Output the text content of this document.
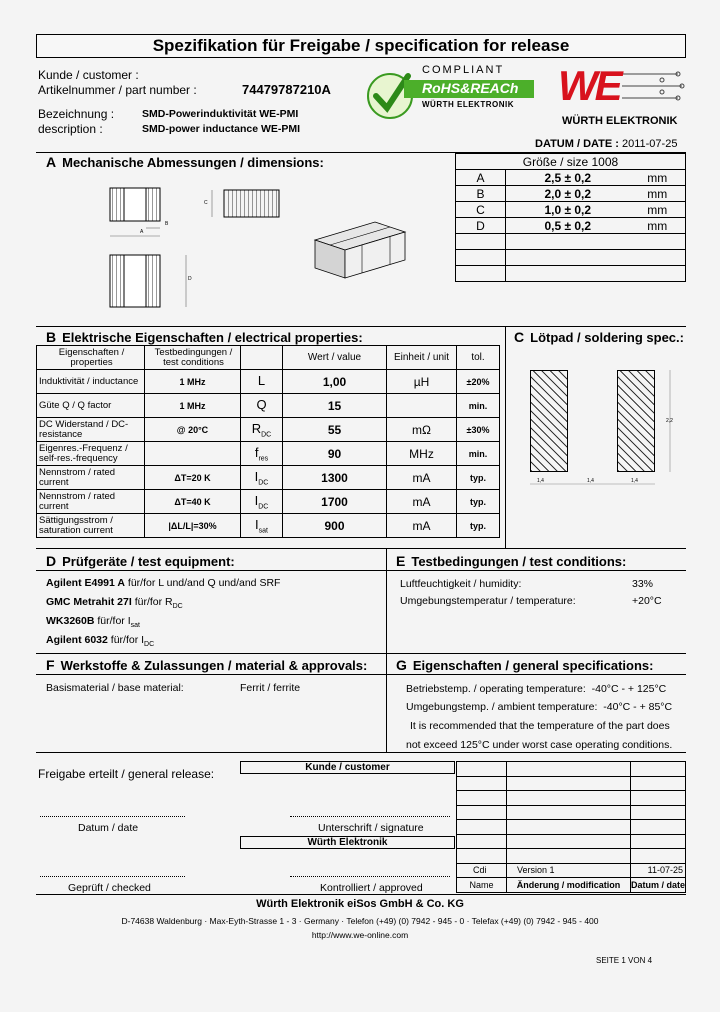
Spezifikation für Freigabe / specification for release
Kunde / customer :
Artikelnummer / part number :	74479787210A
Bezeichnung :
description :
SMD-Powerinduktivität WE-PMI
SMD-power inductance WE-PMI
COMPLIANT
RoHS&REACh
WÜRTH ELEKTRONIK WE
WÜRTH ELEKTRONIK
DATUM / DATE : 2011-07-25
A Mechanische Abmessungen / dimensions:	Größe / size 1008		
A	2,5 ± 0,2	mm
B	2,0 ± 0,2	mm
C	1,0 ± 0,2	mm
D	0,5 ± 0,2	mm

A
B
C
D
B Elektrische Eigenschaften / electrical properties:	C Lötpad / soldering spec.:
Eigenschaften / properties	Testbedingungen / test conditions		Wert / value	Einheit / unit	tol.
Induktivität / inductance	1 MHz	L	1,00	µH	±20%
Güte Q / Q factor	1 MHz	Q	15		min.
DC Widerstand / DC-resistance	@ 20°C	$R_{DC}$	55	mΩ	±30%
Eigenres.-Frequenz / self-res.-frequency		$f_{res}$	90	MHz	min.
Nennstrom / rated current	ΔT=20 K	$I_{DC}$	1300	mA	typ.
Nennstrom / rated current	ΔT=40 K	$I_{DC}$	1700	mA	typ.
Sättigungsstrom / saturation current	|ΔL/L|=30%	$I_{sat}$	900	mA	typ.
1,4	1,4	1,4
2,2
D Prüfgeräte / test equipment:	E Testbedingungen / test conditions:
Agilent E4991 A für/for L und/and Q und/and SRF
GMC Metrahit 27I für/for $R_{DC}$
WK3260B für/for $I_{sat}$
Agilent 6032 für/for $I_{DC}$
Luftfeuchtigkeit / humidity:	33%
Umgebungstemperatur / temperature:	+20°C
F Werkstoffe & Zulassungen / material & approvals: G Eigenschaften / general specifications:
Basismaterial / base material:	Ferrit / ferrite	Betriebstemp. / operating temperature: -40°C - + 125°C
Umgebungstemp. / ambient temperature: -40°C - + 85°C
It is recommended that the temperature of the part does
not exceed 125°C under worst case operating conditions.
Freigabe erteilt / general release:	Kunde / customer
Würth Elektronik
Datum / date	Unterschrift / signature
Geprüft / checked	Kontrolliert / approved

Cdi	Version 1	11-07-25
Name	Änderung / modification	Datum / date
Würth Elektronik eiSos GmbH & Co. KG
D-74638 Waldenburg · Max-Eyth-Strasse 1 - 3 · Germany · Telefon (+49) (0) 7942 - 945 - 0 · Telefax (+49) (0) 7942 - 945 - 400
http://www.we-online.com
SEITE 1 VON 4
